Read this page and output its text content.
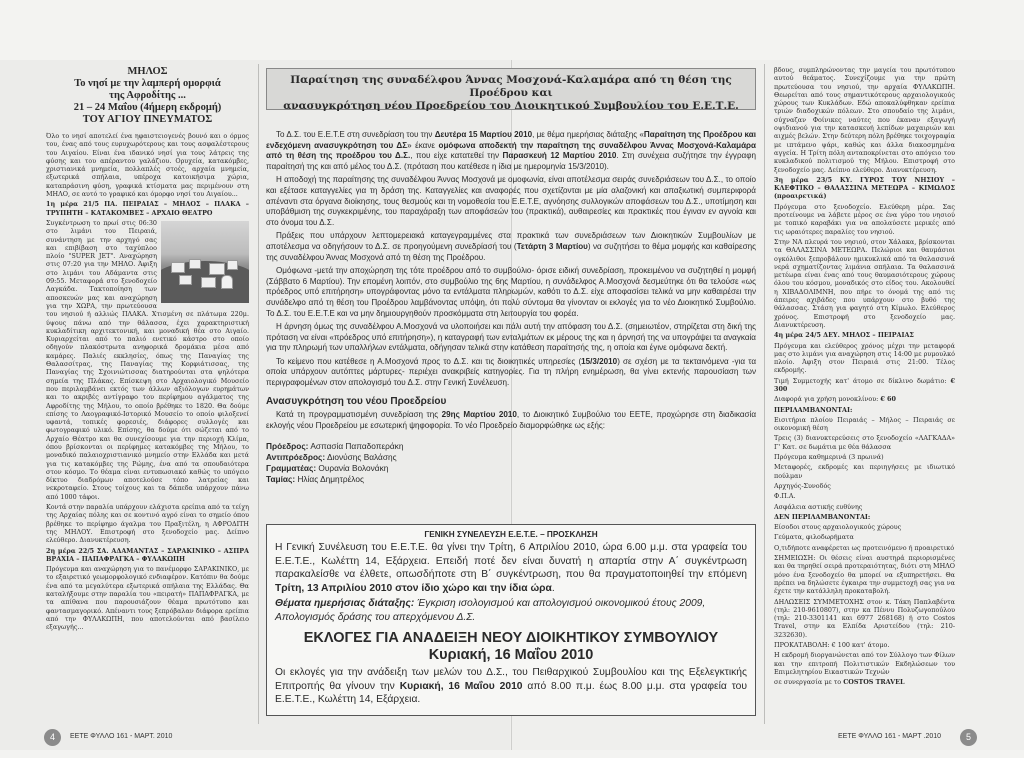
ΜΗΛΟΣ
Το νησί με την λαμπερή ομορφιά
της Αφροδίτης ...
21 – 24 Μαΐου (4ήμερη εκδρομή)
ΤΟΥ ΑΓΙΟΥ ΠΝΕΥΜΑΤΟΣ

Όλο το νησί αποτελεί ένα ηφαιστειογενές βουνό και ο όρμος του, ένας από τους ευρυχωρότερους και τους ασφαλέστερους του Αιγαίου. Είναι ένα ιδανικό νησί για τους λάτρεις της φύσης και του απέραντου γαλάζιου. Ορυχεία, κατακόμβες, χριστιανικά μνημεία, πολλαπλές στοές, αρχαία μνημεία, εξωτερικά σπήλαια, υπέροχα κατοικήσιμα χώρια, καταπράσινη φύση, γραφικά κτίσματα μας περιμένουν στη ΜΗΛΟ, σε αυτό το γραφικό και όμορφο νησί του Αιγαίου...

1η μέρα 21/5 ΠΑ. ΠΕΙΡΑΙΑΣ – ΜΗΛΟΣ – ΠΛΑΚΑ – ΤΡΥΠΗΤΗ – ΚΑΤΑΚΟΜΒΕΣ – ΑΡΧΑΙΟ ΘΕΑΤΡΟ

Συγκέντρωση το πρωί στις 06:30 στο λιμάνι του Πειραιά, συνάντηση με την αρχηγό σας και επιβίβαση στο ταχύπλοο πλοίο "SUPER JET". Αναχώρηση στις 07:20 για την ΜΗΛΟ. Άφιξη στο λιμάνι του Αδάμαντα στις 09:55. Μεταφορά στο ξενοδοχείο Λαγκάδα. Τακτοποίηση των αποσκευών μας και αναχώρηση για την ΧΩΡΑ, την πρωτεύουσα του νησιού ή αλλιώς ΠΛΑΚΑ. Χτισμένη σε πλάτωμα 220μ. ύψους πάνω από την θάλασσα, έχει χαρακτηριστική κυκλαδίτικη αρχιτεκτονική, και μοναδική θέα στο Αιγαίο. Κυριαρχείται από το παλιό ενετικό κάστρο στο οποίο οδηγούν πλακόστρωτα ανηφορικά δρομάκια μέσα από καμάρες. Παλιές εκκλησίες, όπως της Παναγίας της Θαλασσίτρας, της Παναγίας της Κορφιάτισσας, της Παναγίας της Σχοινιώτισσας διατηρούνται στα ψηλότερα σημεία της Πλάκας. Επίσκεψη στο Αρχαιολογικό Μουσείο που περιλαμβάνει εκτός των άλλων αξιόλογων ευρημάτων και το ακριβές αντίγραφο του περίφημου αγάλματος της Αφροδίτης της Μήλου, το οποίο βρέθηκε το 1820. Θα δούμε επίσης το Λαογραφικό-Ιστορικό Μουσείο το οποίο φιλοξενεί υφαντά, τοπικές φορεσιές, διάφορες συλλογές και φωτογραφικό υλικό. Επίσης, θα δούμε ότι σώζεται από το Αρχαίο Θέατρο και θα συνεχίσουμε για την περιοχή Κλίμα, όπου βρίσκονται οι περίφημες κατακόμβες της Μήλου, το μοναδικό παλαιοχριστιανικό μνημείο στην Ελλάδα και μετά για τις κατακόμβες της Ρώμης, ένα από τα σπουδαιότερα στον κόσμο. Το θέαμα είναι εντυπωσιακό καθώς το υπόγειο δίκτυο διαδρόμων αποτελούσε τόπο λατρείας και νεκροταφείο. Στους τοίχους και τα δάπεδα υπάρχουν πάνω από 1000 τάφοι.

Κοντά στην παραλία υπάρχουν ελάχιστα ερείπια από τα τείχη της Αρχαίας πόλης και σε κοντινό αγρό είναι το σημείο όπου βρέθηκε το περίφημο άγαλμα του Πραξιτέλη, η ΑΦΡΟΔΙΤΗ της ΜΗΛΟΥ. Επιστροφή στο ξενοδοχείο μας. Δείπνο ελεύθερο. Διανυκτέρευση.

2η μέρα 22/5 ΣΑ. ΑΔΑΜΑΝΤΑΣ – ΣΑΡΑΚΙΝΙΚΟ – ΑΣΠΡΑ ΒΡΑΧΙΑ – ΠΑΠΑΦΡΑΓΚΑ – ΦΥΛΑΚΩΠΗ

Πρόγευμα και αναχώρηση για το πανέμορφο ΣΑΡΑΚΙΝΙΚΟ, με το εξαιρετικό γεωμορφολογικό ενδιαφέρον. Κατόπιν θα δούμε ένα από τα μεγαλύτερα εξωτερικά σπήλαια της Ελλάδας. Θα καταλήξουμε στην παραλία του «πειρατή» ΠΑΠΑΦΡΑΓΚΑ, με τα απίθανα που παρουσιάζουν θέαμα πρωτότυπο και φαντασμαγορικό. Απέναντι τους ξεπρόβαλαν διάφορα ερείπια από την ΦΥΛΑΚΩΠΗ, που αποτελούνται από βασίλειο εξαγωγής...

Παραίτηση της συναδέλφου Άννας Μοσχονά-Καλαμάρα από τη θέση της Προέδρου και
ανασυγκρότηση νέου Προεδρείου του Διοικητικού Συμβουλίου του Ε.Ε.Τ.Ε.

Το Δ.Σ. του Ε.Ε.Τ.Ε στη συνεδρίαση του την Δευτέρα 15 Μαρτίου 2010, με θέμα ημερήσιας διάταξης «Παραίτηση της Προέδρου και ενδεχόμενη ανασυγκρότηση του ΔΣ» έκανε ομόφωνα αποδεκτή την παραίτηση της συναδέλφου Άννας Μοσχονά-Καλαμάρα από τη θέση της προέδρου του Δ.Σ., που είχε κατατεθεί την Παρασκευή 12 Μαρτίου 2010. Στη συνέχεια συζήτησε την έγγραφη παραίτησή της και από μέλος του Δ.Σ. (πρόταση που κατέθεσε η ίδια με ημερομηνία 15/3/2010).

Η αποδοχή της παραίτησης της συναδέλφου Άννας Μοσχονά με ομοφωνία, είναι αποτέλεσμα σειράς συνεδριάσεων του Δ.Σ., το οποίο και εξέτασε καταγγελίες για τη δράση της. Καταγγελίες και αναφορές που σχετίζονται με μία αλαζονική και απαξιωτική συμπεριφορά απέναντι στα όργανα διοίκησης, τους θεσμούς και τη νομοθεσία του Ε.Ε.Τ.Ε, αγνόησης συλλογικών αποφάσεων του Δ.Σ., υποτίμηση και υποβάθμιση της συγκεκριμένης, του παραχάραξη των αποφάσεών του (πρακτικά), αυθαιρεσίες και πρακτικές που έγιναν εν αγνοία και στο όνομα του Δ.Σ.

Πράξεις που υπάρχουν λεπτομερειακά καταγεγραμμένες στα πρακτικά των συνεδριάσεων των Διοικητικών Συμβουλίων με αποτέλεσμα να οδηγήσουν το Δ.Σ. σε προηγούμενη συνεδρίασή του (Τετάρτη 3 Μαρτίου) να συζητήσει το θέμα μομφής και καθαίρεσης της συναδέλφου Άννας Μοσχονά από τη θέση της Προέδρου.

Ομόφωνα -μετά την αποχώρηση της τότε προέδρου από το συμβούλιο- όρισε ειδική συνεδρίαση, προκειμένου να συζητηθεί η μομφή (Σάββατο 6 Μαρτίου). Την επομένη λοιπόν, στο συμβούλιο της 6ης Μαρτίου, η συνάδελφος Α.Μοσχονά δεσμεύτηκε ότι θα τελούσε «ως πρόεδρος υπό επιτήρηση» υπογράφοντας μόνο τα εντάλματα πληρωμών, καθότι το Δ.Σ. είχε αποφασίσει τελικά να μην καθαιρέσει την συνάδελφο από τη θέση του Προέδρου λαμβάνοντας υπόψη, ότι πολύ σύντομα θα γίνονταν οι εκλογές για το νέο Διοικητικό Συμβούλιο. Το Δ.Σ. του Ε.Ε.Τ.Ε και να μην δημιουργηθούν προσκόμματα στη λειτουργία του φορέα.

Η άρνηση όμως της συναδέλφου Α.Μοσχονά να υλοποιήσει και πάλι αυτή την απόφαση του Δ.Σ. (σημειωτέον, στηρίζεται στη δική της πρόταση να είναι «πρόεδρος υπό επιτήρηση»), η καταγραφή των ενταλμάτων εκ μέρους της και η άρνησή της να υπογράψει τα αναγκαία για την πληρωμή των υπαλλήλων εντάλματα, οδήγησαν τελικά στην κατάθεση παραίτησής της, η οποία και έγινε ομόφωνα δεκτή.

Το κείμενο που κατέθεσε η Α.Μοσχονά προς το Δ.Σ. και τις διοικητικές υπηρεσίες (15/3/2010) σε σχέση με τα τεκταινόμενα -για τα οποία υπάρχουν αυτόπτες μάρτυρες- περιέχει ανακριβείς κατηγορίες. Για τη πλήρη ενημέρωση, θα γίνει εκτενής παρουσίαση των περιγραφομένων στον απολογισμό του Δ.Σ. στην Γενική Συνέλευση.

Ανασυγκρότηση του νέου Προεδρείου

Κατά τη προγραμματισμένη συνεδρίαση της 29ης Μαρτίου 2010, το Διοικητικό Συμβούλιο του ΕΕΤΕ, προχώρησε στη διαδικασία εκλογής νέου Προεδρείου με εσωτερική ψηφοφορία. Το νέο Προεδρείο διαμορφώθηκε ως εξής:

Πρόεδρος: Ασπασία Παπαδοπεράκη
Αντιπρόεδρος: Διονύσης Βαλάσης
Γραμματέας: Ουρανία Βολονάκη
Ταμίας: Ηλίας Δημητρέλος
ΓΕΝΙΚΗ ΣΥΝΕΛΕΥΣΗ Ε.Ε.Τ.Ε. – ΠΡΟΣΚΛΗΣΗ
Η Γενική Συνέλευση του Ε.Ε.Τ.Ε. θα γίνει την Τρίτη, 6 Απριλίου 2010, ώρα 6.00 μ.μ. στα γραφεία του Ε.Ε.Τ.Ε., Κωλέττη 14, Εξάρχεια. Επειδή ποτέ δεν είναι δυνατή η απαρτία στην Α΄ συγκέντρωση παρακαλείσθε να έλθετε, οπωσδήποτε στη Β΄ συγκέντρωση, που θα πραγματοποιηθεί την επόμενη Τρίτη, 13 Απριλίου 2010 στον ίδιο χώρο και την ίδια ώρα.
Θέματα ημερήσιας διάταξης: Έγκριση ισολογισμού και απολογισμού οικονομικού έτους 2009, Απολογισμός δράσης του απερχόμενου Δ.Σ.
ΕΚΛΟΓΕΣ ΓΙΑ ΑΝΑΔΕΙΞΗ ΝΕΟΥ ΔΙΟΙΚΗΤΙΚΟΥ ΣΥΜΒΟΥΛΙΟΥ
Κυριακή, 16 Μαΐου 2010
Οι εκλογές για την ανάδειξη των μελών του Δ.Σ., του Πειθαρχικού Συμβουλίου και της Εξελεγκτικής Επιτροπής θα γίνουν την Κυριακή, 16 Μαΐου 2010 από 8.00 π.μ. έως 8.00 μ.μ. στα γραφεία του Ε.Ε.Τ.Ε., Κωλέττη 14, Εξάρχεια.

βδους, συμπληρώνοντας την μαγεία του πρωτότυπου αυτού θεάματος. Συνεχίζουμε για την πρώτη πρωτεύουσα του νησιού, την αρχαία ΦΥΛΑΚΩΠΗ. Θεωρείται από τους σημαντικότερους αρχαιολογικούς χώρους των Κυκλάδων. Εδώ αποκαλύφθηκαν ερείπια τριών διαδοχικών πόλεων. Στο σπουδαίο της λιμάνι, σύχναζαν Φοίνικες ναύτες που έκαναν εξαγωγή οψιδιανού για την κατασκευή λεπίδων μαχαιριών και αιχμές βελών. Στην δεύτερη πόλη βρέθηκε τοιχογραφία με ιπτάμενο ψάρι, καθώς και άλλα διακοσμημένα αγγεία. Η Τρίτη πόλη ανταποκρίνεται στο απόγειο του κυκλαδικού πολιτισμού της Μήλου. Επιστροφή στο ξενοδοχείο μας. Δείπνο ελεύθερο. Διανυκτέρευση.

3η μέρα 23/5 ΚΥ. ΓΥΡΟΣ ΤΟΥ ΝΗΣΙΟΥ – ΚΛΕΦΤΙΚΟ – ΘΑΛΑΣΣΙΝΑ ΜΕΤΕΩΡΑ – ΚΙΜΩΛΟΣ (προαιρετικά)

Πρόγευμα στο ξενοδοχείο. Ελεύθερη μέρα. Σας προτείνουμε να λάβετε μέρος σε ένα γύρο του νησιού με τοπικό καραβάκι για να απολαύσετε μερικές από τις ωραιότερες παραλίες του νησιού.

Στην ΝΑ πλευρά του νησιού, στον Χάλακα, βρίσκονται τα ΘΑΛΑΣΣΙΝΑ ΜΕΤΕΩΡΑ. Πελώριοι και θαυμάσιοι ογκόλιθοι ξεπροβάλουν ημικυκλικά από τα θαλασσινά νερά σχηματίζοντας λιμάνια σπήλαια. Τα θαλασσινά μετέωρα είναι ένας από τους θαυμασιότερους χώρους όλου του κόσμου, μοναδικός στο είδος του. Ακολουθεί η ΧΙΒΑΔΟΛΙΜΝΗ, που πήρε το όνομά της από τις άπειρες αχιβάδες που υπάρχουν στο βυθό της θάλασσας. Στάση για φαγητό στη Κίμωλο. Ελεύθερος χρόνος. Επιστροφή στο ξενοδοχείο μας. Διανυκτέρευση.

4η μέρα 24/5 ΔΕΥ. ΜΗΛΟΣ – ΠΕΙΡΑΙΑΣ

Πρόγευμα και ελεύθερος χρόνος μέχρι την μεταφορά μας στο λιμάνι για αναχώρηση στις 14:00 με ρυμουλκό πλοίο. Άφιξη στον Πειραιά στις 21:00. Τέλος εκδρομής.

Τιμή Συμμετοχής κατ' άτομο σε δίκλινο δωμάτιο: € 300

Διαφορά για χρήση μονοκλίνου: € 60

ΠΕΡΙΛΑΜΒΑΝΟΝΤΑΙ:

Εισιτήρια πλοίου Πειραιάς – Μήλος – Πειραιάς σε οικονομική θέση

Τρεις (3) διανυκτερεύσεις στο ξενοδοχείο «ΛΑΓΚΑΔΑ» Γ' Κατ. σε δωμάτια με θέα θάλασσα

Πρόγευμα καθημερινά (3 πρωινά)

Μεταφορές, εκδρομές και περιηγήσεις με ιδιωτικό πούλμαν

Αρχηγός-Συνοδός

Φ.Π.Α.

Ασφάλεια αστικής ευθύνης

ΔΕΝ ΠΕΡΙΛΑΜΒΑΝΟΝΤΑΙ:

Είσοδοι στους αρχαιολογικούς χώρους

Γεύματα, φιλοδωρήματα

Ο,τιδήποτε αναφέρεται ως προτεινόμενο ή προαιρετικό

ΣΗΜΕΙΩΣΗ: Οι θέσεις είναι αυστηρά περιορισμένες και θα τηρηθεί σειρά προτεραιότητας, διότι στη ΜΗΛΟ μόνο ένα ξενοδοχείο θα μπορεί να εξυπηρετήσει. Θα πρέπει να δηλώσετε έγκαιρα την συμμετοχή σας για να έχετε την κατάλληλη προκαταβολή.

ΔΗΛΩΣΕΙΣ ΣΥΜΜΕΤΟΧΗΣ στον κ. Τάκη Παπλαβέντα (τηλ: 210-9610807), στην κα Πέννυ Πολυζωγοπούλου (τηλ: 210-3301141 και 6977 268168) ή στο Costos Travel, στην κα Ελπίδα Αριστείδου (τηλ: 210-3232630).

ΠΡΟΚΑΤΑΒΟΛΗ: € 100 κατ' άτομο.

Η εκδρομή διοργανώνεται από τον Σύλλογο των Φίλων και την επιτροπή Πολιτιστικών Εκδηλώσεων του Επιμελητηρίου Εικαστικών Τεχνών

σε συνεργασία με το COSTOS TRAVEL

4	ΕΕΤΕ ΦΥΛΛΟ 161 - ΜΑΡΤ. 2010	ΕΕΤΕ ΦΥΛΛΟ 161 - ΜΑΡΤ .2010	5
